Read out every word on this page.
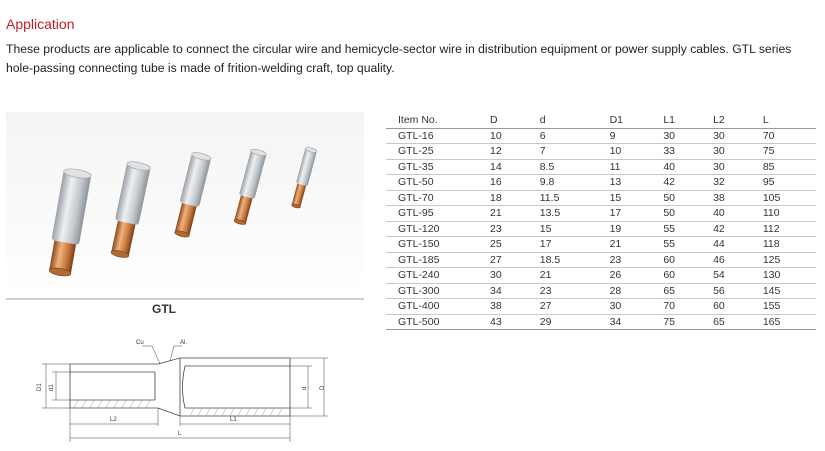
Application
These products are applicable to connect the circular wire and hemicycle-sector wire in distribution equipment or power supply cables. GTL series hole-passing connecting tube is made of frition-welding craft, top quality.
GTL
Item No.	D	d	D1	L1	L2	L
GTL-16	10	6	9	30	30	70
GTL-25	12	7	10	33	30	75
GTL-35	14	8.5	11	40	30	85
GTL-50	16	9.8	13	42	32	95
GTL-70	18	11.5	15	50	38	105
GTL-95	21	13.5	17	50	40	110
GTL-120	23	15	19	55	42	112
GTL-150	25	17	21	55	44	118
GTL-185	27	18.5	23	60	46	125
GTL-240	30	21	26	60	54	130
GTL-300	34	23	28	65	56	145
GTL-400	38	27	30	70	60	155
GTL-500	43	29	34	75	65	165
Cu	Al.
D1 d1	d D
L2	L1
L
